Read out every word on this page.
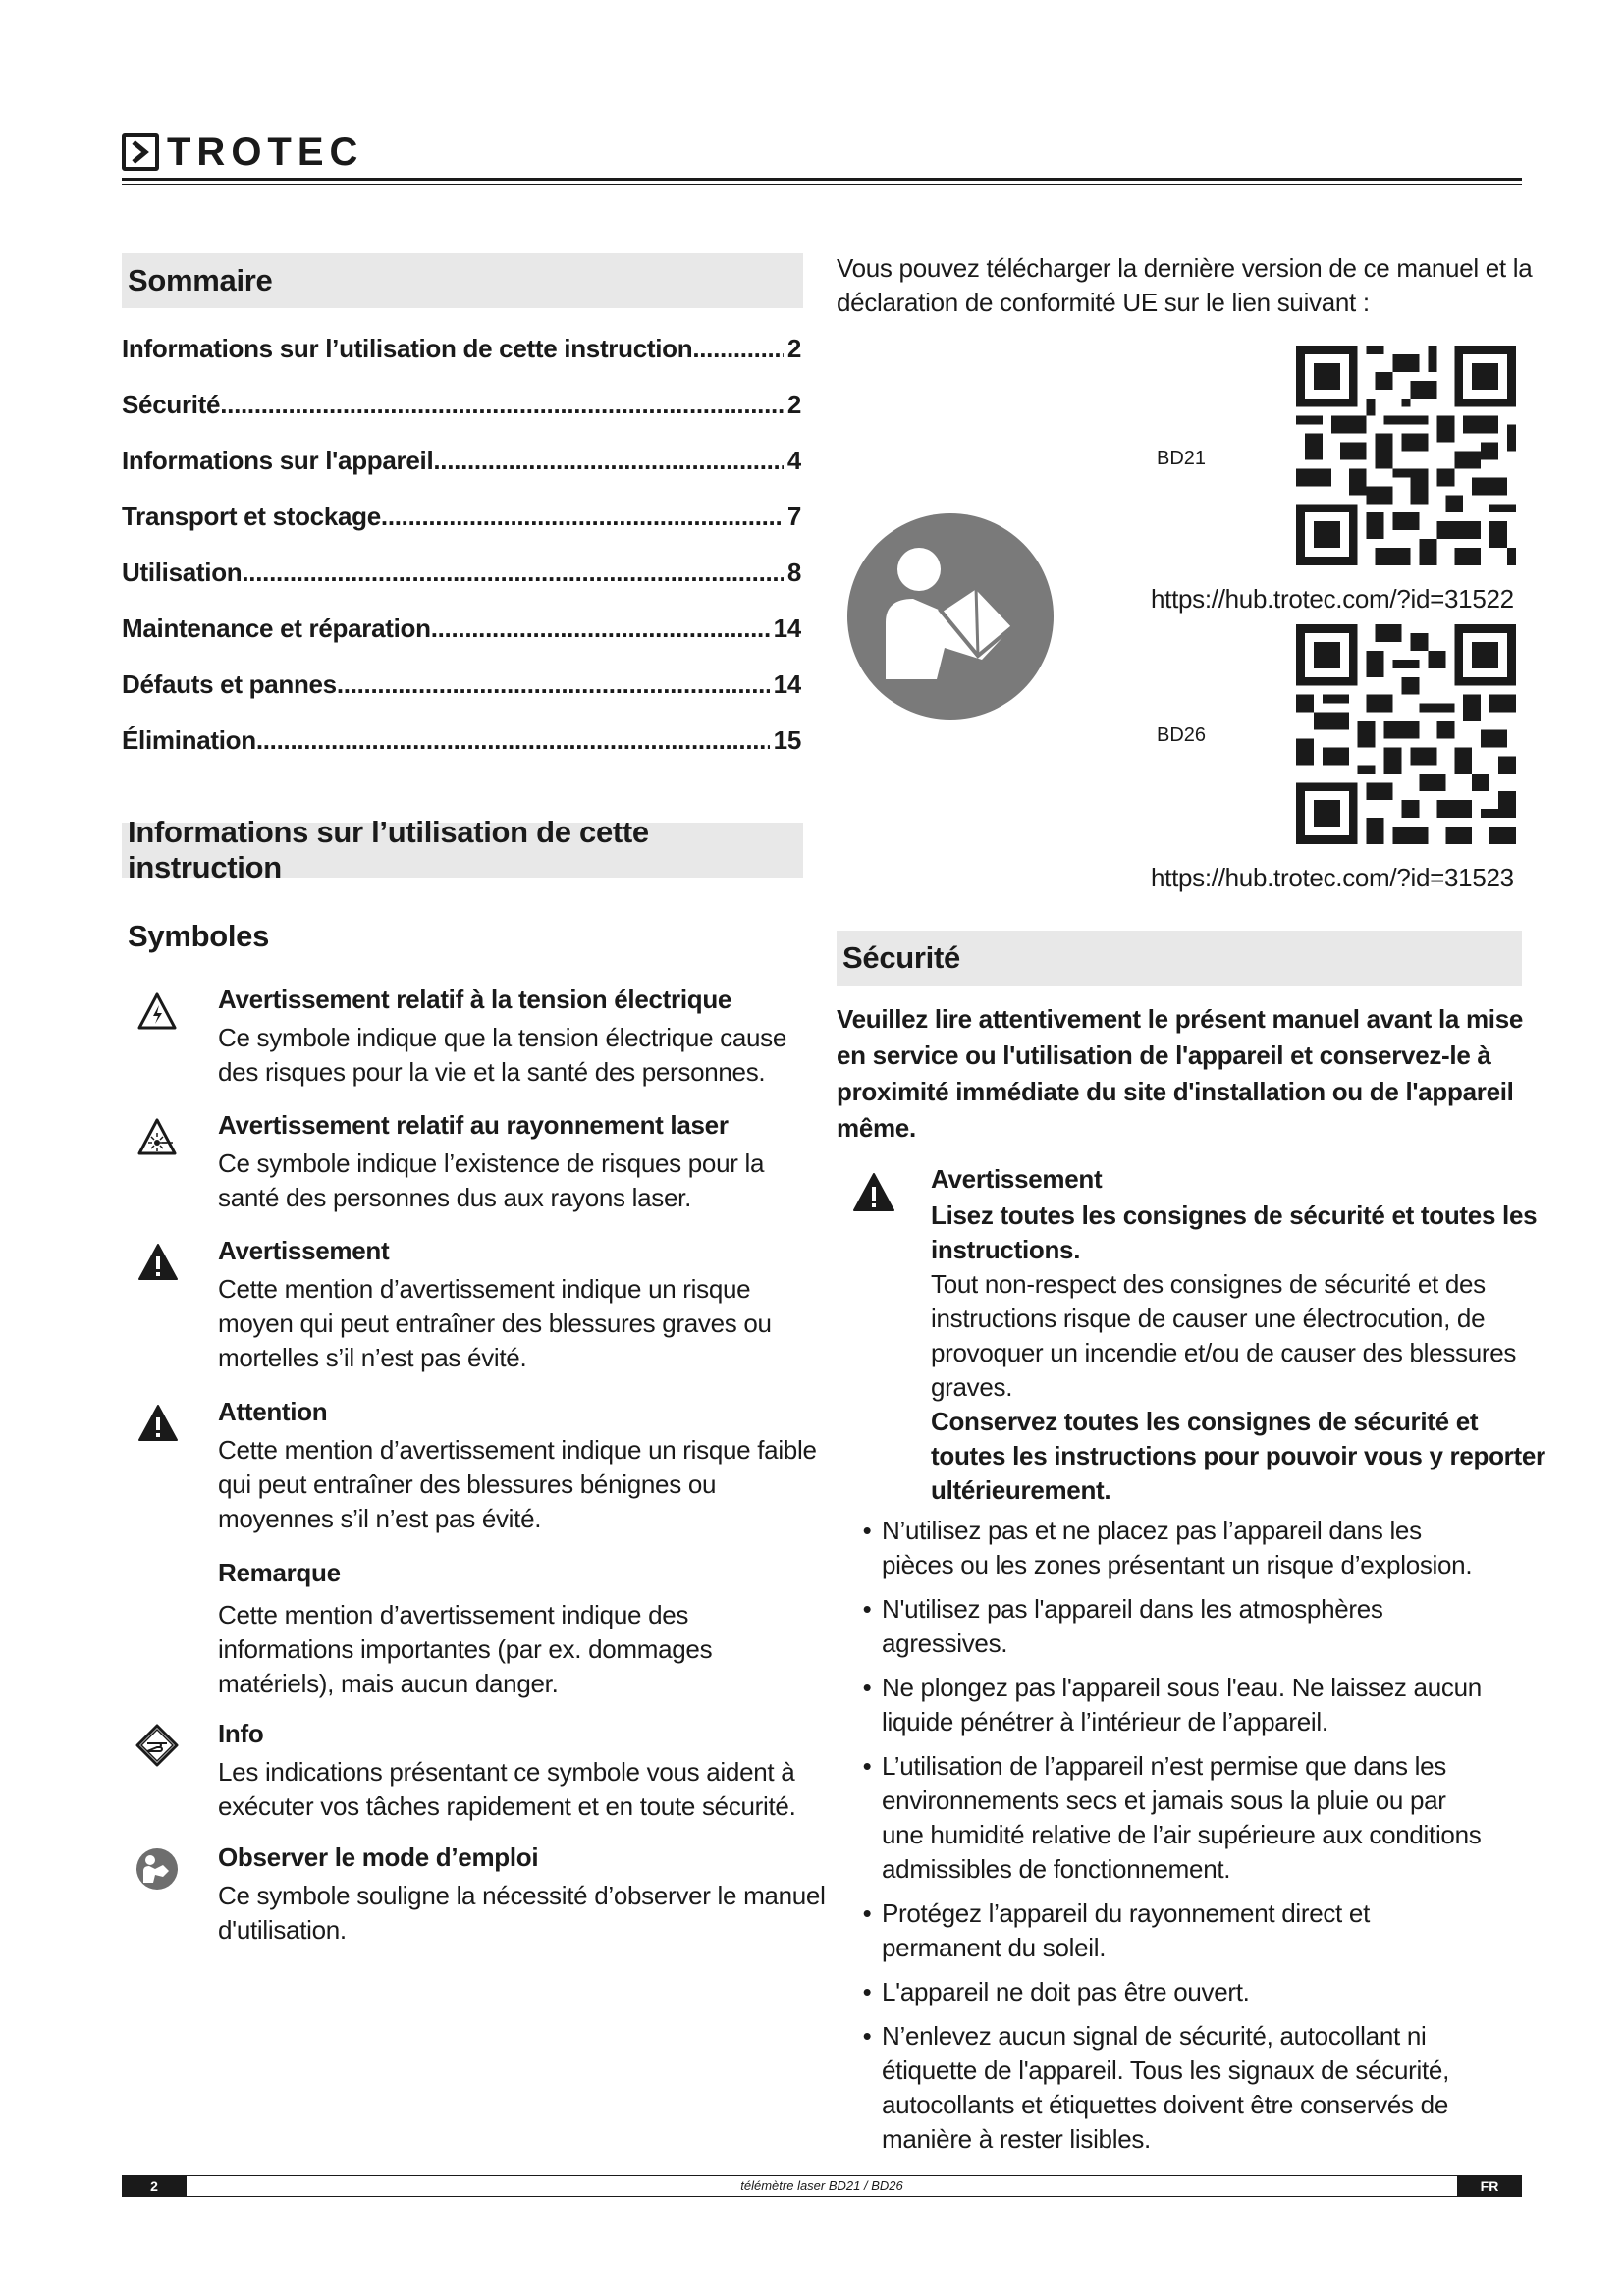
TROTEC
Sommaire
Informations sur l’utilisation de cette instruction .....	2
Sécurité .....	2
Informations sur l'appareil .....	4
Transport et stockage .....	7
Utilisation .....	8
Maintenance et réparation .....	14
Défauts et pannes .....	14
Élimination .....	15
Informations sur l’utilisation de cette instruction
Symboles
Avertissement relatif à la tension électrique
Ce symbole indique que la tension électrique cause
des risques pour la vie et la santé des personnes.
Avertissement relatif au rayonnement laser
Ce symbole indique l’existence de risques pour la
santé des personnes dus aux rayons laser.
Avertissement
Cette mention d’avertissement indique un risque
moyen qui peut entraîner des blessures graves ou
mortelles s’il n’est pas évité.
Attention
Cette mention d’avertissement indique un risque faible
qui peut entraîner des blessures bénignes ou
moyennes s’il n’est pas évité.
Remarque
Cette mention d’avertissement indique des
informations importantes (par ex. dommages
matériels), mais aucun danger.
Info
Les indications présentant ce symbole vous aident à
exécuter vos tâches rapidement et en toute sécurité.
Observer le mode d’emploi
Ce symbole souligne la nécessité d’observer le manuel
d'utilisation.
Vous pouvez télécharger la dernière version de ce manuel et la
déclaration de conformité UE sur le lien suivant :
BD21
https://hub.trotec.com/?id=31522
BD26
https://hub.trotec.com/?id=31523
Sécurité
Veuillez lire attentivement le présent manuel avant la mise
en service ou l'utilisation de l'appareil et conservez-le à
proximité immédiate du site d'installation ou de l'appareil
même.
Avertissement
Lisez toutes les consignes de sécurité et toutes les
instructions.
Tout non-respect des consignes de sécurité et des
instructions risque de causer une électrocution, de
provoquer un incendie et/ou de causer des blessures
graves.
Conservez toutes les consignes de sécurité et
toutes les instructions pour pouvoir vous y reporter
ultérieurement.
• N’utilisez pas et ne placez pas l’appareil dans les pièces ou les zones présentant un risque d’explosion.
• N'utilisez pas l'appareil dans les atmosphères agressives.
• Ne plongez pas l'appareil sous l'eau. Ne laissez aucun liquide pénétrer à l’intérieur de l’appareil.
• L’utilisation de l’appareil n’est permise que dans les environnements secs et jamais sous la pluie ou par une humidité relative de l’air supérieure aux conditions admissibles de fonctionnement.
• Protégez l’appareil du rayonnement direct et permanent du soleil.
• L'appareil ne doit pas être ouvert.
• N’enlevez aucun signal de sécurité, autocollant ni étiquette de l'appareil. Tous les signaux de sécurité, autocollants et étiquettes doivent être conservés de manière à rester lisibles.
2	télémètre laser BD21 / BD26	FR
